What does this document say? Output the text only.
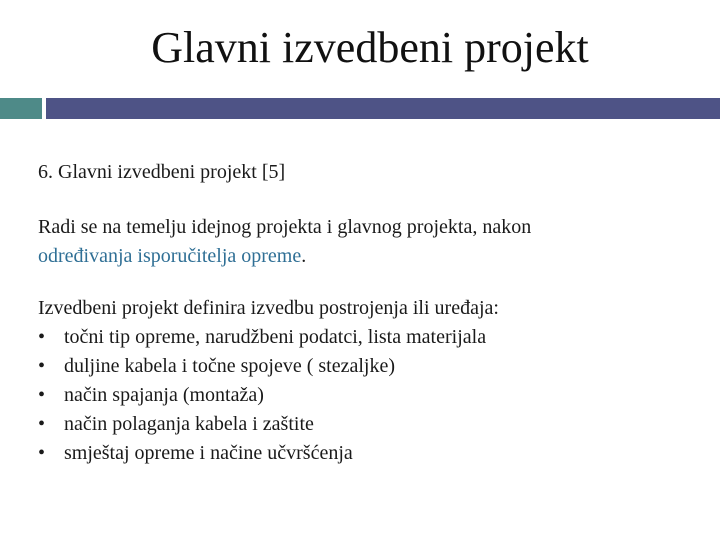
Glavni izvedbeni projekt

6. Glavni izvedbeni projekt [5]

Radi se na temelju idejnog projekta i glavnog projekta, nakon
određivanja isporučitelja opreme.

Izvedbeni projekt definira izvedbu postrojenja ili uređaja:

• točni tip opreme, narudžbeni podatci, lista materijala
• duljine kabela i točne spojeve ( stezaljke)
• način spajanja (montaža)
• način polaganja kabela i zaštite
• smještaj opreme i načine učvršćenja
